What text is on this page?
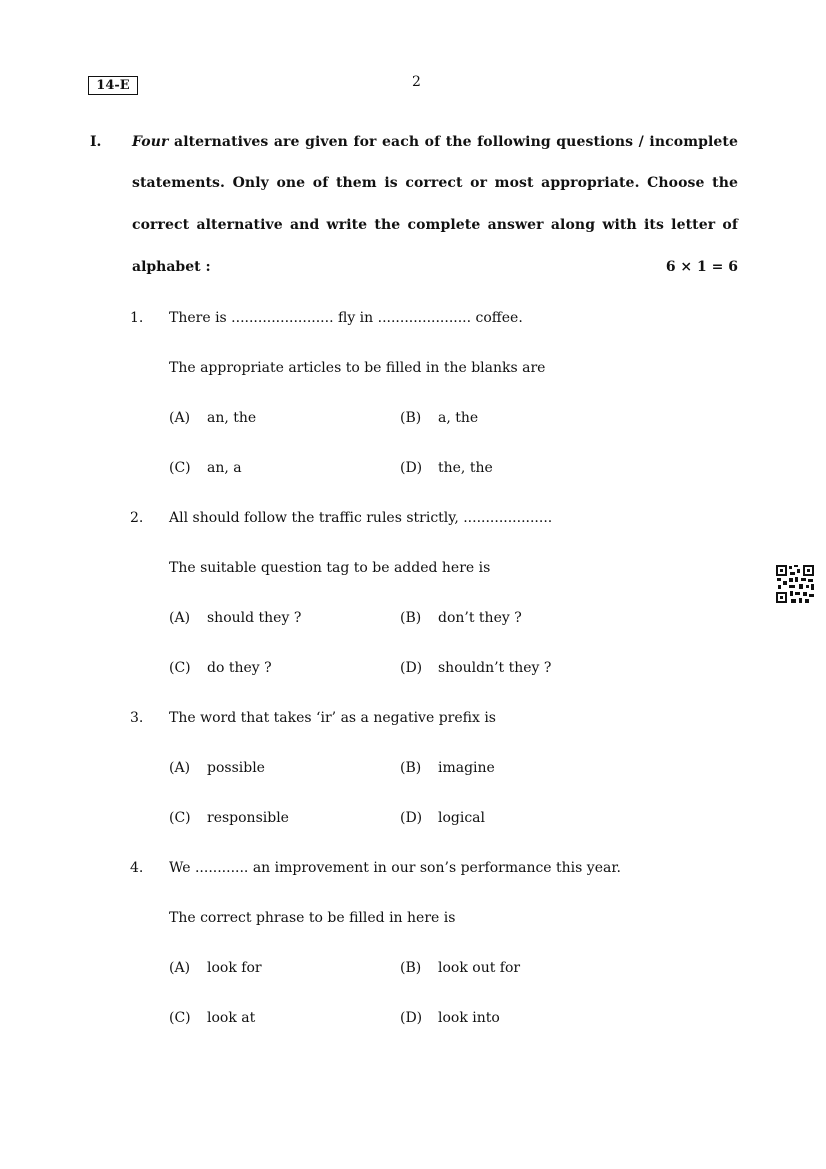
14-E	2
I. Four alternatives are given for each of the following questions / incomplete
statements. Only one of them is correct or most appropriate. Choose the
correct alternative and write the complete answer along with its letter of
alphabet :	6 × 1 = 6
1. There is ....................... fly in ..................... coffee.
The appropriate articles to be filled in the blanks are
(A) an, the	(B) a, the
(C) an, a	(D) the, the
2. All should follow the traffic rules strictly, ....................
The suitable question tag to be added here is
(A) should they ?	(B) don’t they ?
(C) do they ?	(D) shouldn’t they ?
3. The word that takes ‘ir’ as a negative prefix is
(A) possible	(B) imagine
(C) responsible	(D) logical
4. We ............ an improvement in our son’s performance this year.
The correct phrase to be filled in here is
(A) look for	(B) look out for
(C) look at	(D) look into
